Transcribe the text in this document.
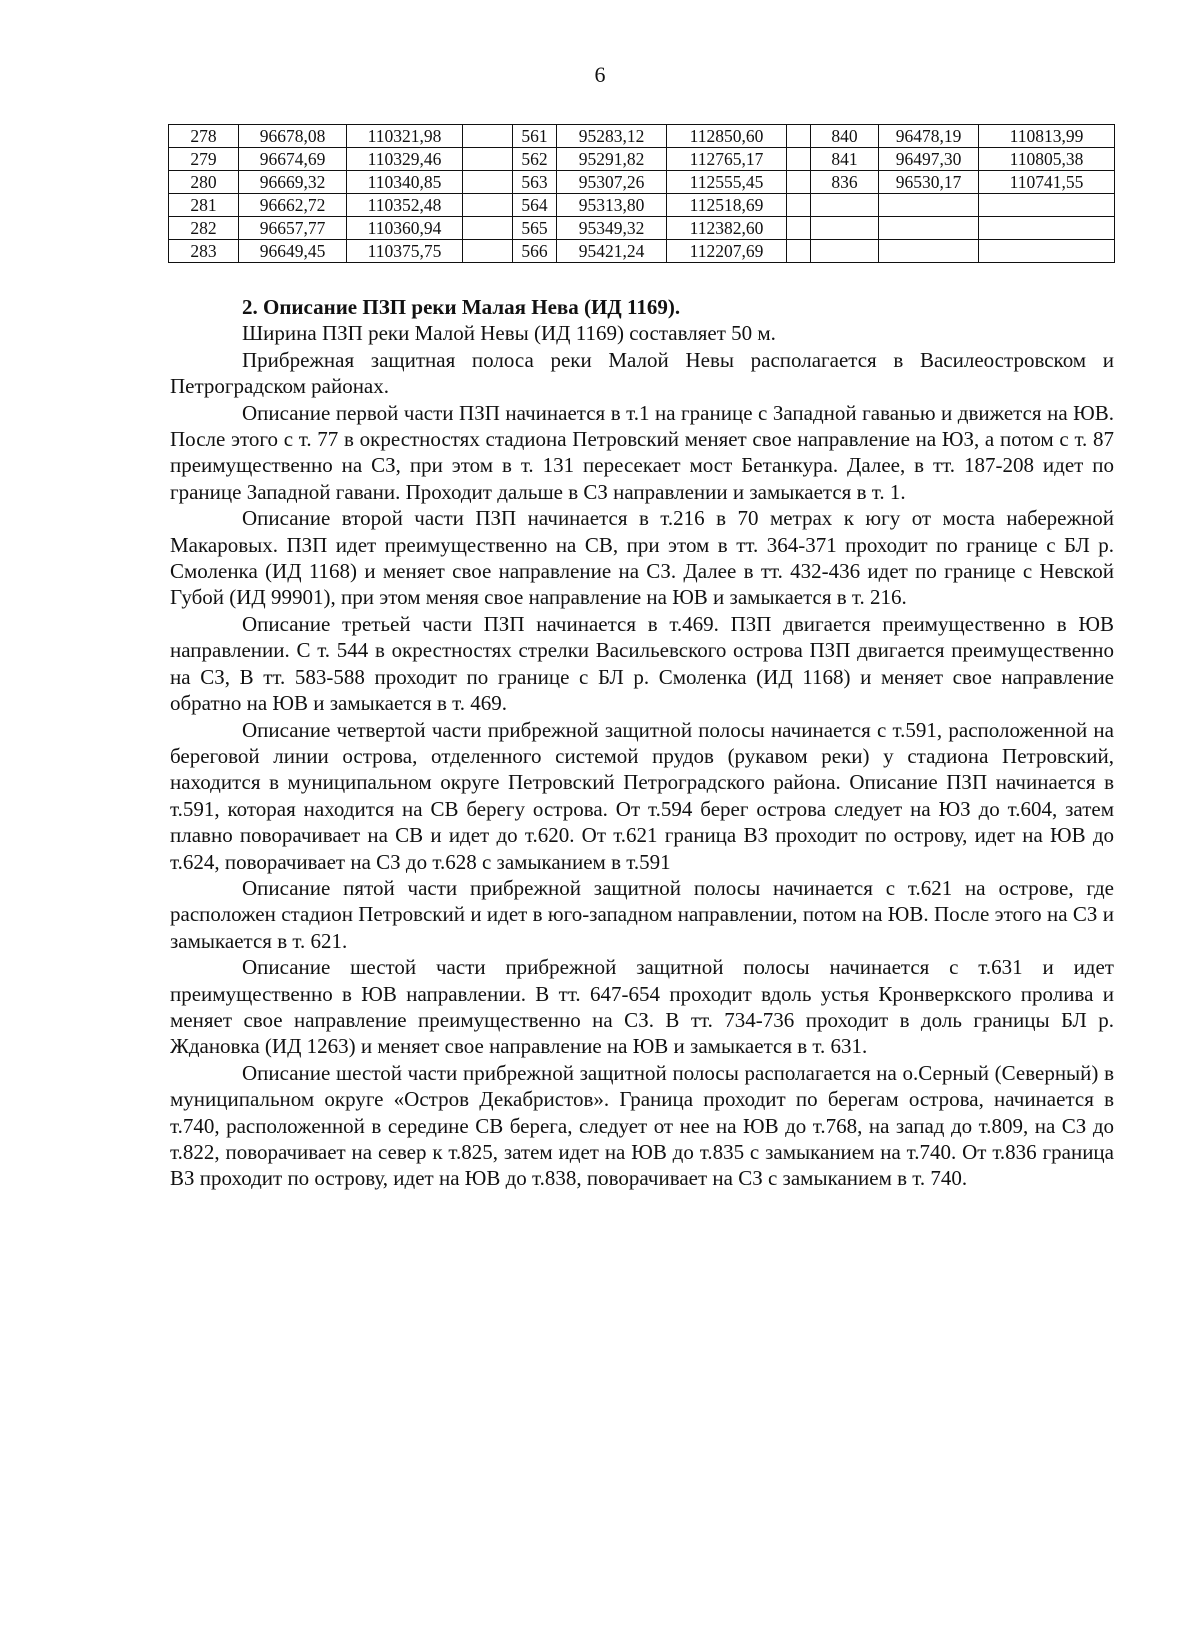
6
278	96678,08	110321,98		561	95283,12	112850,60		840	96478,19	110813,99
279	96674,69	110329,46		562	95291,82	112765,17		841	96497,30	110805,38
280	96669,32	110340,85		563	95307,26	112555,45		836	96530,17	110741,55
281	96662,72	110352,48		564	95313,80	112518,69				
282	96657,77	110360,94		565	95349,32	112382,60				
283	96649,45	110375,75		566	95421,24	112207,69				

2. Описание ПЗП реки Малая Нева (ИД 1169).

Ширина ПЗП реки Малой Невы (ИД 1169) составляет 50 м.

Прибрежная защитная полоса реки Малой Невы располагается в Василеостровском и Петроградском районах.

Описание первой части ПЗП начинается в т.1 на границе с Западной гаванью и движется на ЮВ. После этого с т. 77 в окрестностях стадиона Петровский меняет свое направление на ЮЗ, а потом с т. 87 преимущественно на СЗ, при этом в т. 131 пересекает мост Бетанкура. Далее, в тт. 187-208 идет по границе Западной гавани. Проходит дальше в СЗ направлении и замыкается в т. 1.

Описание второй части ПЗП начинается в т.216 в 70 метрах к югу от моста набережной Макаровых. ПЗП идет преимущественно на СВ, при этом в тт. 364-371 проходит по границе с БЛ р. Смоленка (ИД 1168) и меняет свое направление на СЗ. Далее в тт. 432-436 идет по границе с Невской Губой (ИД 99901), при этом меняя свое направление на ЮВ и замыкается в т. 216.

Описание третьей части ПЗП начинается в т.469. ПЗП двигается преимущественно в ЮВ направлении. С т. 544 в окрестностях стрелки Васильевского острова ПЗП двигается преимущественно на СЗ, В тт. 583-588 проходит по границе с БЛ р. Смоленка (ИД 1168) и меняет свое направление обратно на ЮВ и замыкается в т. 469.

Описание четвертой части прибрежной защитной полосы начинается с т.591, расположенной на береговой линии острова, отделенного системой прудов (рукавом реки) у стадиона Петровский, находится в муниципальном округе Петровский Петроградского района. Описание ПЗП начинается в т.591, которая находится на СВ берегу острова. От т.594 берег острова следует на ЮЗ до т.604, затем плавно поворачивает на СВ и идет до т.620. От т.621 граница ВЗ проходит по острову, идет на ЮВ до т.624, поворачивает на СЗ до т.628 с замыканием в т.591

Описание пятой части прибрежной защитной полосы начинается с т.621 на острове, где расположен стадион Петровский и идет в юго-западном направлении, потом на ЮВ. После этого на СЗ и замыкается в т. 621.

Описание шестой части прибрежной защитной полосы начинается с т.631 и идет преимущественно в ЮВ направлении. В тт. 647-654 проходит вдоль устья Кронверкского пролива и меняет свое направление преимущественно на СЗ. В тт. 734-736 проходит в доль границы БЛ р. Ждановка (ИД 1263) и меняет свое направление на ЮВ и замыкается в т. 631.

Описание шестой части прибрежной защитной полосы располагается на о.Серный (Северный) в муниципальном округе «Остров Декабристов». Граница проходит по берегам острова, начинается в т.740, расположенной в середине СВ берега, следует от нее на ЮВ до т.768, на запад до т.809, на СЗ до т.822, поворачивает на север к т.825, затем идет на ЮВ до т.835 с замыканием на т.740. От т.836 граница ВЗ проходит по острову, идет на ЮВ до т.838, поворачивает на СЗ с замыканием в т. 740.
